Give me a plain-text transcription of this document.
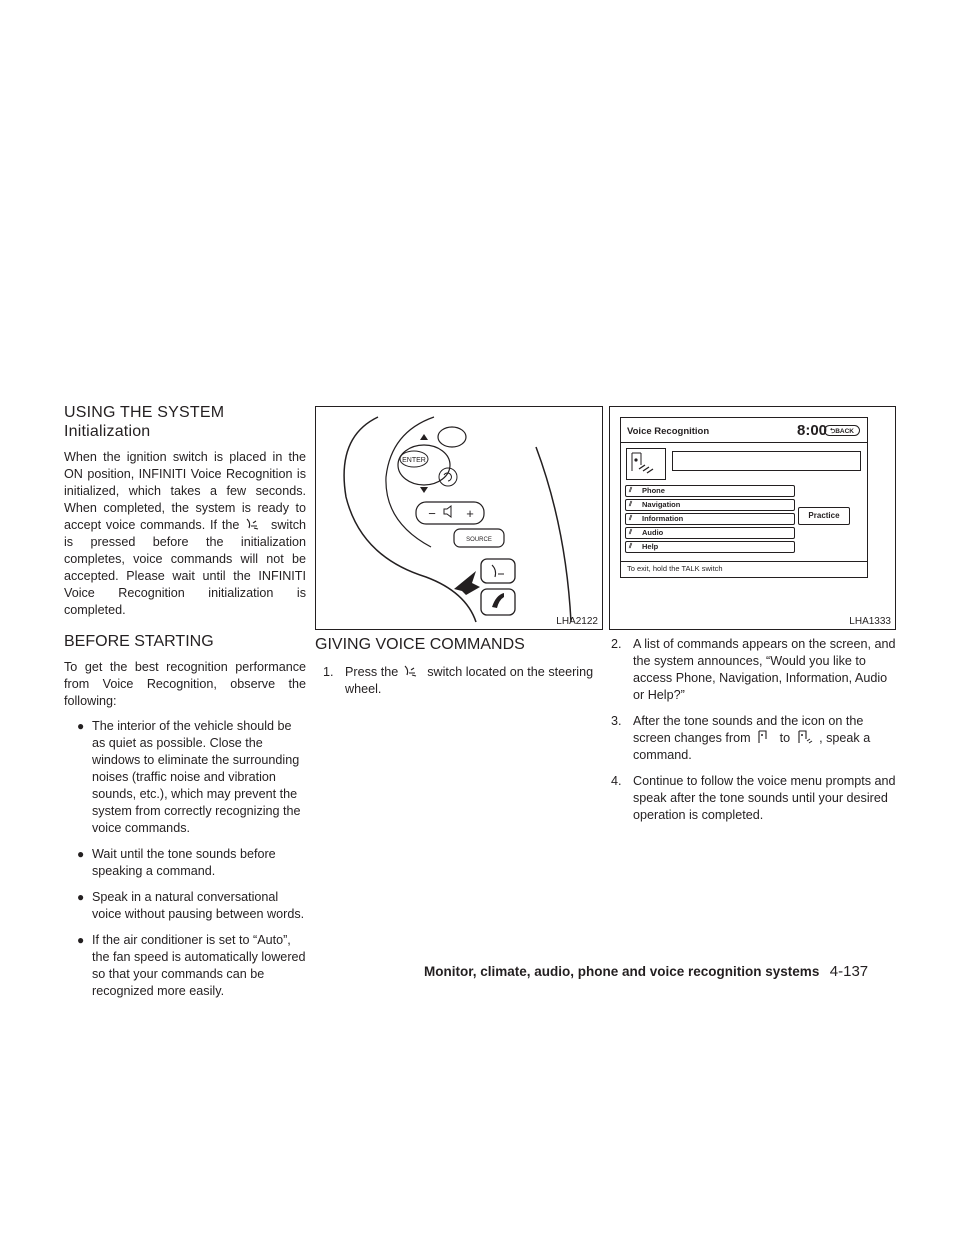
USING THE SYSTEM
Initialization

When the ignition switch is placed in the ON position, INFINITI Voice Recognition is initialized, which takes a few seconds. When completed, the system is ready to accept voice commands. If the	switch is pressed before the initialization completes, voice commands will not be accepted. Please wait until the INFINITI Voice Recognition initialization is completed.

BEFORE STARTING

To get the best recognition performance from Voice Recognition, observe the following:

● The interior of the vehicle should be as quiet as possible. Close the windows to eliminate the surrounding noises (traffic noise and vibration sounds, etc.), which may prevent the system from correctly recognizing the voice commands.
● Wait until the tone sounds before speaking a command.
● Speak in a natural conversational voice without pausing between words.
● If the air conditioner is set to “Auto”, the fan speed is automatically lowered so that your commands can be recognized more easily.
ENTER
− +
SOURCE
LHA2122
Voice Recognition	8:00 ⮌BACK
⫽ Phone
⫽ Navigation
⫽ Information
⫽ Audio
⫽ Help
Practice
To exit, hold the TALK switch
LHA1333
GIVING VOICE COMMANDS
1. Press the switch located on the steering wheel.
2. A list of commands appears on the screen, and the system announces, “Would you like to access Phone, Navigation, Information, Audio or Help?”
3. After the tone sounds and the icon on the screen changes from to , speak a command.
4. Continue to follow the voice menu prompts and speak after the tone sounds until your desired operation is completed.
Monitor, climate, audio, phone and voice recognition systems 4-137
